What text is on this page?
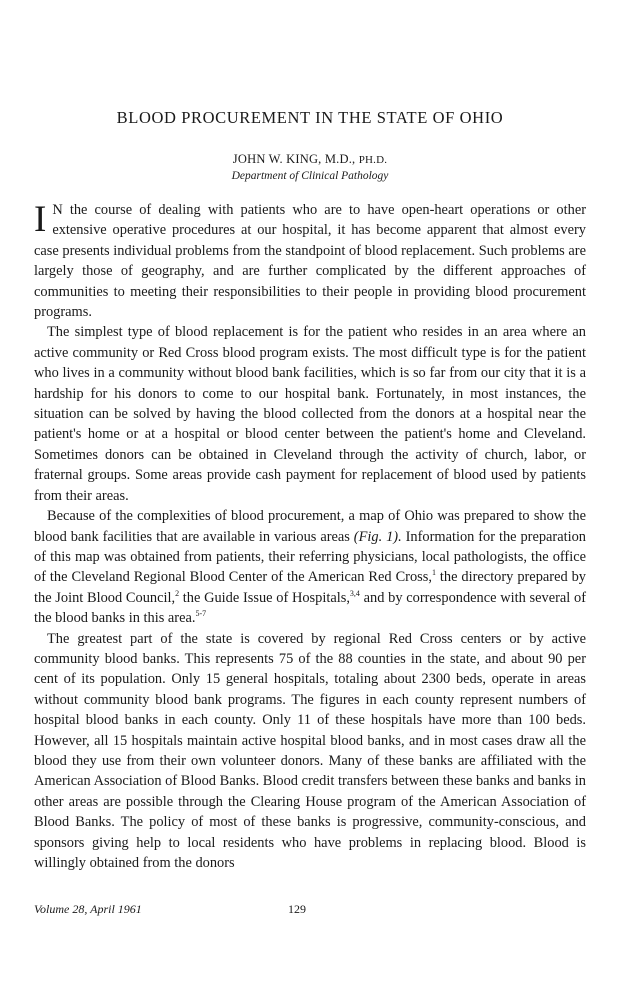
BLOOD PROCUREMENT IN THE STATE OF OHIO

JOHN W. KING, M.D., PH.D.

Department of Clinical Pathology

I N the course of dealing with patients who are to have open-heart operations or other extensive operative procedures at our hospital, it has become apparent that almost every case presents individual problems from the standpoint of blood replacement. Such problems are largely those of geography, and are further complicated by the different approaches of communities to meeting their responsibilities to their people in providing blood procurement programs.

The simplest type of blood replacement is for the patient who resides in an area where an active community or Red Cross blood program exists. The most difficult type is for the patient who lives in a community without blood bank facilities, which is so far from our city that it is a hardship for his donors to come to our hospital bank. Fortunately, in most instances, the situation can be solved by having the blood collected from the donors at a hospital near the patient's home or at a hospital or blood center between the patient's home and Cleveland. Sometimes donors can be obtained in Cleveland through the activity of church, labor, or fraternal groups. Some areas provide cash payment for replacement of blood used by patients from their areas.

Because of the complexities of blood procurement, a map of Ohio was prepared to show the blood bank facilities that are available in various areas (Fig. 1). Information for the preparation of this map was obtained from patients, their referring physicians, local pathologists, the office of the Cleveland Regional Blood Center of the American Red Cross,$^1$ the directory prepared by the Joint Blood Council,$^2$ the Guide Issue of Hospitals,$^{3,4}$ and by correspondence with several of the blood banks in this area.$^{5-7}$

The greatest part of the state is covered by regional Red Cross centers or by active community blood banks. This represents 75 of the 88 counties in the state, and about 90 per cent of its population. Only 15 general hospitals, totaling about 2300 beds, operate in areas without community blood bank programs. The figures in each county represent numbers of hospital blood banks in each county. Only 11 of these hospitals have more than 100 beds. However, all 15 hospitals maintain active hospital blood banks, and in most cases draw all the blood they use from their own volunteer donors. Many of these banks are affiliated with the American Association of Blood Banks. Blood credit transfers between these banks and banks in other areas are possible through the Clearing House program of the American Association of Blood Banks. The policy of most of these banks is progressive, community-conscious, and sponsors giving help to local residents who have problems in replacing blood. Blood is willingly obtained from the donors

Volume 28, April 1961	129
